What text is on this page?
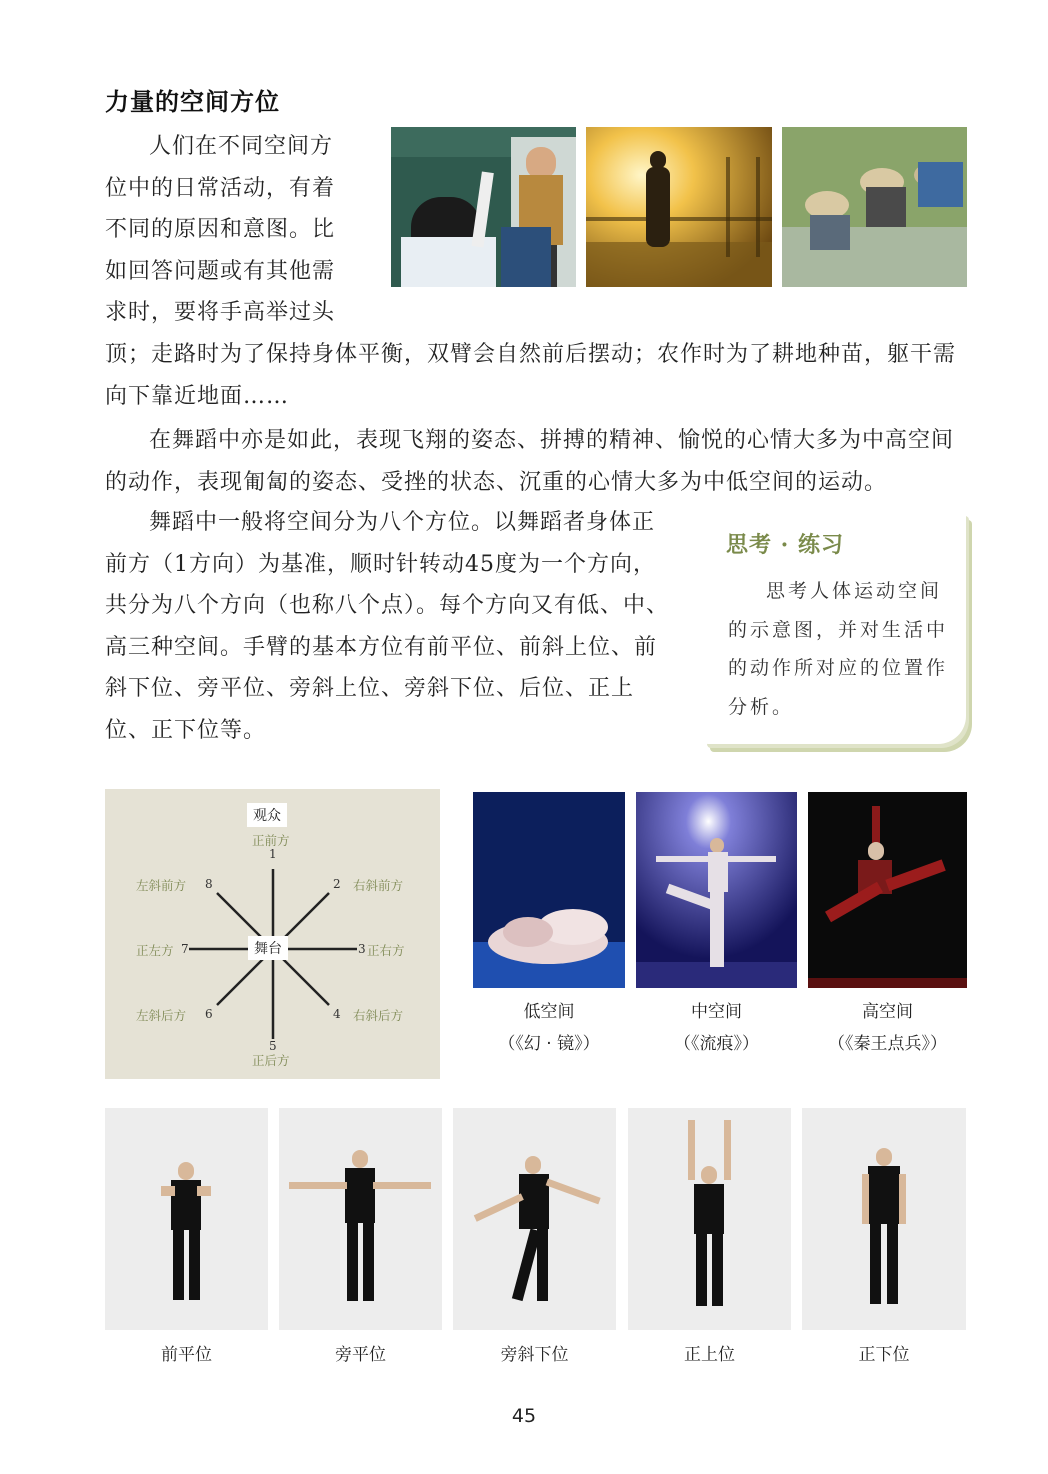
力量的空间方位
人们在不同空间方
位中的日常活动，有着
不同的原因和意图。比
如回答问题或有其他需
求时，要将手高举过头
顶；走路时为了保持身体平衡，双臂会自然前后摆动；农作时为了耕地种苗，躯干需向下靠近地面……
在舞蹈中亦是如此，表现飞翔的姿态、拼搏的精神、愉悦的心情大多为中高空间的动作，表现匍匐的姿态、受挫的状态、沉重的心情大多为中低空间的运动。
舞蹈中一般将空间分为八个方位。以舞蹈者身体正前方（1方向）为基准，顺时针转动45度为一个方向，共分为八个方向（也称八个点）。每个方向又有低、中、高三种空间。手臂的基本方位有前平位、前斜上位、前斜下位、旁平位、旁斜上位、旁斜下位、后位、正上位、正下位等。
思考 · 练习
思考人体运动空间的示意图，并对生活中的动作所对应的位置作分析。
观众
舞台
正前方
1
2 右斜前方
3 正右方
4 右斜后方
5
正后方
左斜后方 6
正左方 7
左斜前方 8
低空间
（《幻 · 镜》）
中空间
（《流痕》）
高空间
（《秦王点兵》）
前平位	旁平位	旁斜下位	正上位	正下位
45
